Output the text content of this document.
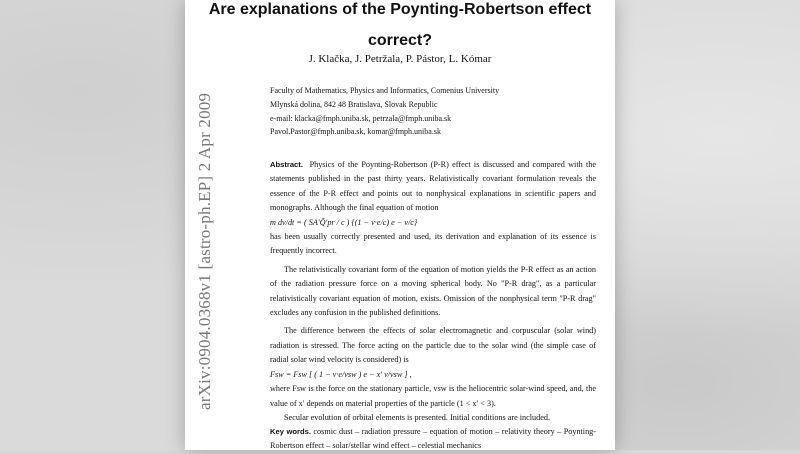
Are explanations of the Poynting-Robertson effect
correct?
J. Klačka, J. Petržala, P. Pástor, L. Kómar
Faculty of Mathematics, Physics and Informatics, Comenius University
Mlynská dolina, 842 48 Bratislava, Slovak Republic
e-mail: klacka@fmph.uniba.sk, petrzala@fmph.uniba.sk
Pavol.Pastor@fmph.uniba.sk, komar@fmph.uniba.sk

Abstract. Physics of the Poynting-Robertson (P-R) effect is discussed and compared with the statements published in the past thirty years. Relativistically covariant formulation reveals the essence of the P-R effect and points out to nonphysical explanations in scientific papers and monographs. Although the final equation of motion

m dv/dt = ( SA′Q̄′pr / c ) {(1 − v·e/c) e − v/c}

has been usually correctly presented and used, its derivation and explanation of its essence is frequently incorrect.

The relativistically covariant form of the equation of motion yields the P-R effect as an action of the radiation pressure force on a moving spherical body. No "P-R drag", as a particular relativistically covariant equation of motion, exists. Omission of the nonphysical term "P-R drag" excludes any confusion in the published definitions.

The difference between the effects of solar electromagnetic and corpuscular (solar wind) radiation is stressed. The force acting on the particle due to the solar wind (the simple case of radial solar wind velocity is considered) is

Fsw = Fsw [ ( 1 − v·e/vsw ) e − x′ v/vsw ] ,

where Fsw is the force on the stationary particle, vsw is the heliocentric solar-wind speed, and, the value of x′ depends on material properties of the particle (1 < x′ < 3).

Secular evolution of orbital elements is presented. Initial conditions are included.

Key words. cosmic dust – radiation pressure – equation of motion – relativity theory – Poynting-Robertson effect – solar/stellar wind effect – celestial mechanics
arXiv:0904.0368v1 [astro-ph.EP] 2 Apr 2009
